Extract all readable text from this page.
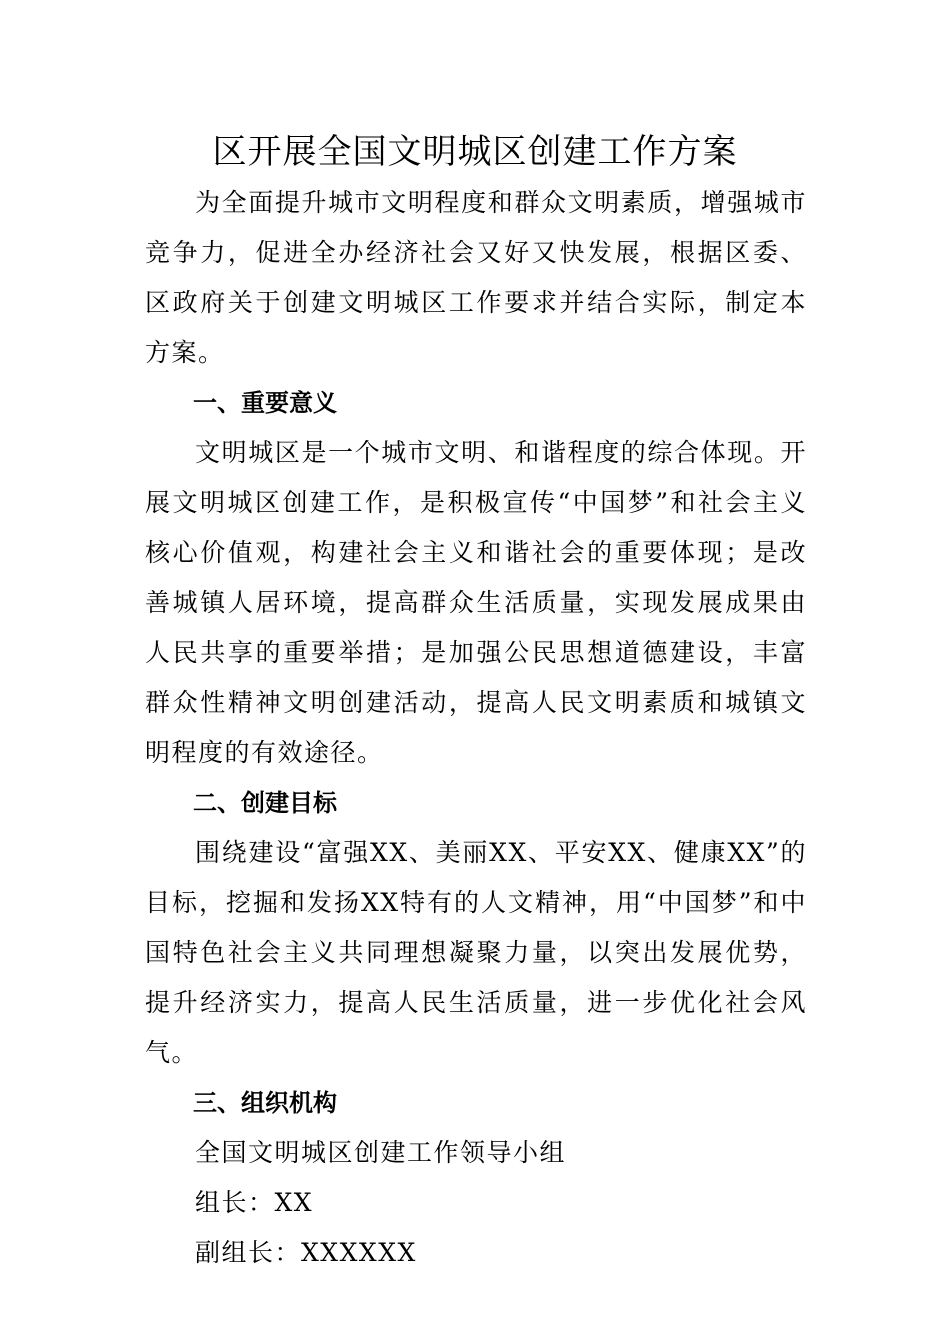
区开展全国文明城区创建工作方案

为全面提升城市文明程度和群众文明素质，增强城市竞争力，促进全办经济社会又好又快发展，根据区委、区政府关于创建文明城区工作要求并结合实际，制定本方案。

一、重要意义

文明城区是一个城市文明、和谐程度的综合体现。开展文明城区创建工作，是积极宣传“中国梦”和社会主义核心价值观，构建社会主义和谐社会的重要体现；是改善城镇人居环境，提高群众生活质量，实现发展成果由人民共享的重要举措；是加强公民思想道德建设，丰富群众性精神文明创建活动，提高人民文明素质和城镇文明程度的有效途径。

二、创建目标

围绕建设“富强XX、美丽XX、平安XX、健康XX”的目标，挖掘和发扬XX特有的人文精神，用“中国梦”和中国特色社会主义共同理想凝聚力量，以突出发展优势，提升经济实力，提高人民生活质量，进一步优化社会风气。

三、组织机构

全国文明城区创建工作领导小组

组长：XX

副组长：XXXXXX
